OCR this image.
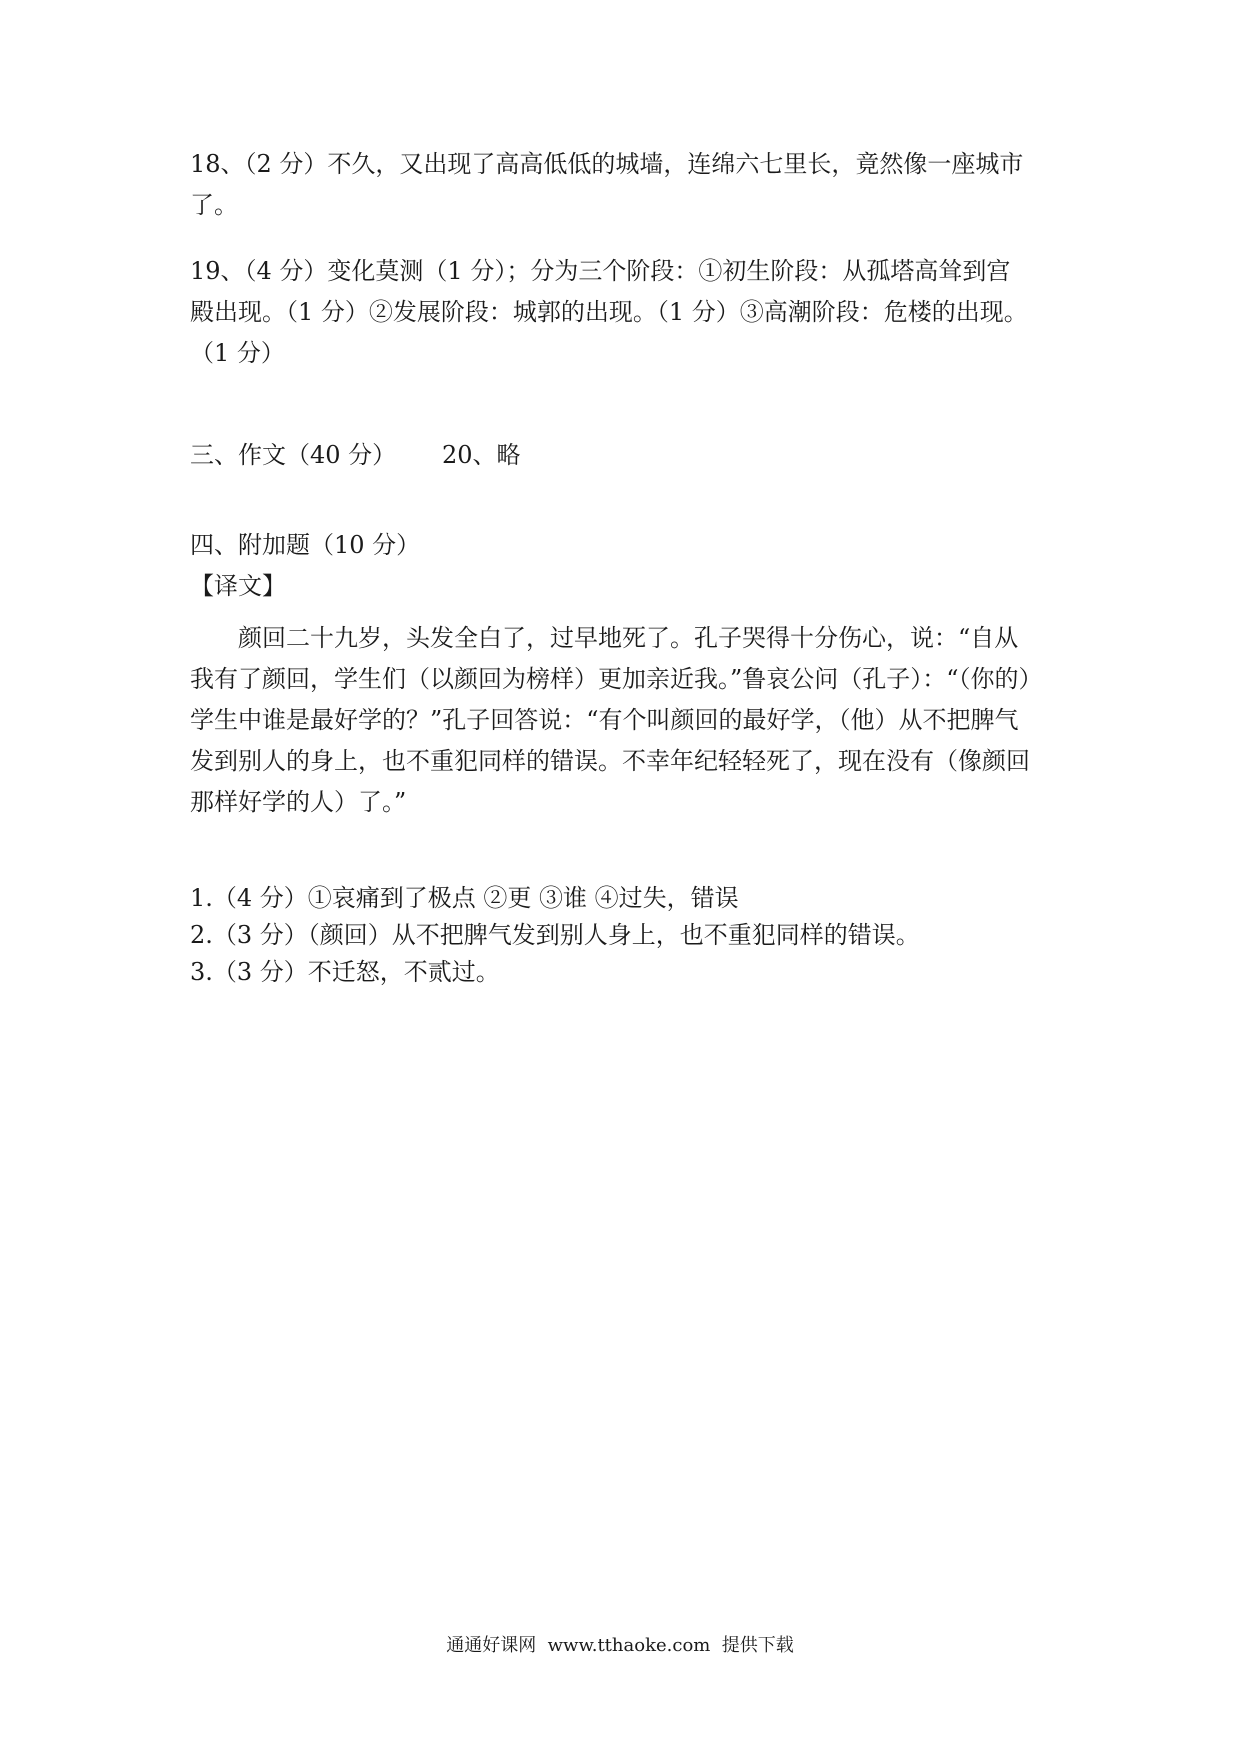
18、（2 分）不久，又出现了高高低低的城墙，连绵六七里长，竟然像一座城市
了。
19、（4 分）变化莫测（1 分）；分为三个阶段：①初生阶段：从孤塔高耸到宫
殿出现。（1 分）②发展阶段：城郭的出现。（1 分）③高潮阶段：危楼的出现。
（1 分）
三、作文（40 分）      20、略
四、附加题（10 分）
【译文】
颜回二十九岁，头发全白了，过早地死了。孔子哭得十分伤心，说：“自从
我有了颜回，学生们（以颜回为榜样）更加亲近我。”鲁哀公问（孔子）：“（你的）
学生中谁是最好学的？”孔子回答说：“有个叫颜回的最好学，（他）从不把脾气
发到别人的身上，也不重犯同样的错误。不幸年纪轻轻死了，现在没有（像颜回
那样好学的人）了。”
1.（4 分）①哀痛到了极点 ②更 ③谁 ④过失，错误
2.（3 分）（颜回）从不把脾气发到别人身上，也不重犯同样的错误。
3.（3 分）不迁怒，不贰过。
通通好课网  www.tthaoke.com  提供下载
